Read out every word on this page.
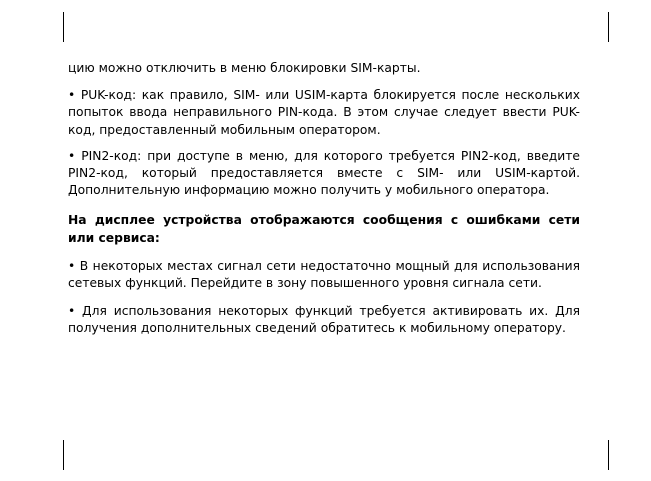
цию можно отключить в меню блокировки SIM-карты.

• PUK-код: как правило, SIM- или USIM-карта блокируется после нескольких попыток ввода неправильного PIN-кода. В этом случае следует ввести PUK-код, предоставленный мобильным оператором.

• PIN2-код: при доступе в меню, для которого требуется PIN2-код, введите PIN2-код, который предоставляется вместе с SIM- или USIM-картой. Дополнительную информацию можно получить у мобильного оператора.

На дисплее устройства отображаются сообщения с ошибками сети или сервиса:

• В некоторых местах сигнал сети недостаточно мощный для использования сетевых функций. Перейдите в зону повышенного уровня сигнала сети.

• Для использования некоторых функций требуется активировать их. Для получения дополнительных сведений обратитесь к мобильному оператору.
